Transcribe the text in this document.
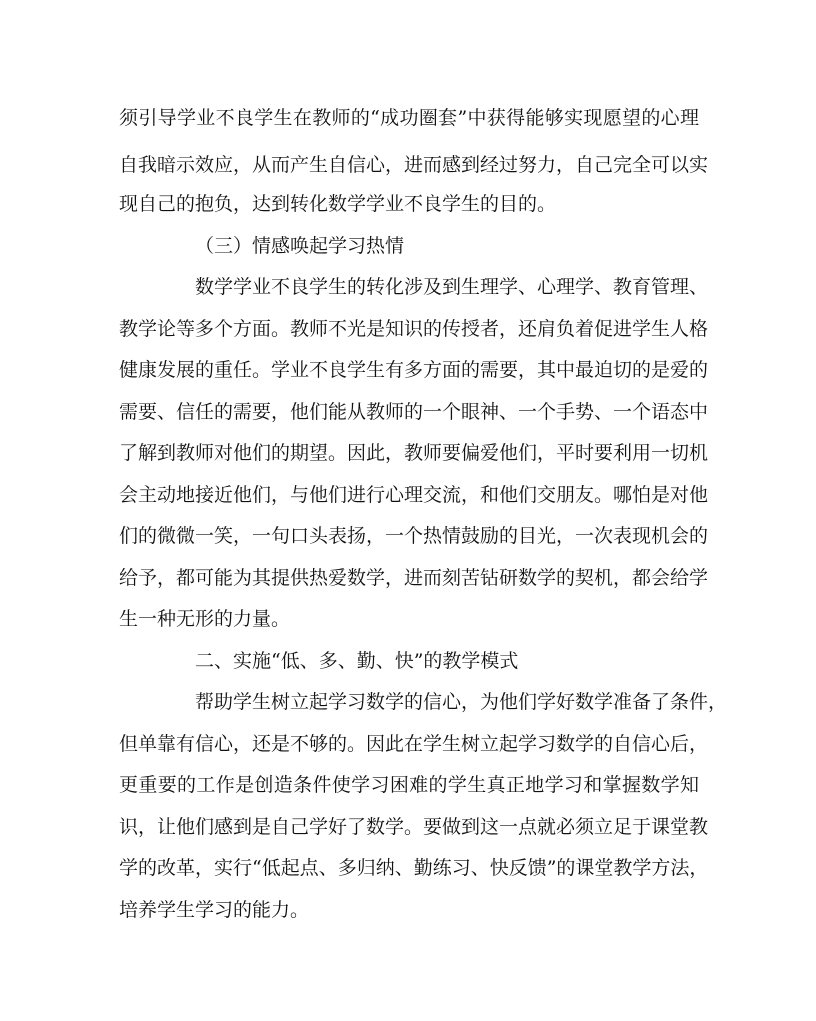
须引导学业不良学生在教师的“成功圈套”中获得能够实现愿望的心理
自我暗示效应，从而产生自信心，进而感到经过努力，自己完全可以实
现自己的抱负，达到转化数学学业不良学生的目的。
（三）情感唤起学习热情
数学学业不良学生的转化涉及到生理学、心理学、教育管理、
教学论等多个方面。教师不光是知识的传授者，还肩负着促进学生人格
健康发展的重任。学业不良学生有多方面的需要，其中最迫切的是爱的
需要、信任的需要，他们能从教师的一个眼神、一个手势、一个语态中
了解到教师对他们的期望。因此，教师要偏爱他们，平时要利用一切机
会主动地接近他们，与他们进行心理交流，和他们交朋友。哪怕是对他
们的微微一笑，一句口头表扬，一个热情鼓励的目光，一次表现机会的
给予，都可能为其提供热爱数学，进而刻苦钻研数学的契机，都会给学
生一种无形的力量。
二、实施“低、多、勤、快”的教学模式
帮助学生树立起学习数学的信心，为他们学好数学准备了条件，
但单靠有信心，还是不够的。因此在学生树立起学习数学的自信心后，
更重要的工作是创造条件使学习困难的学生真正地学习和掌握数学知
识，让他们感到是自己学好了数学。要做到这一点就必须立足于课堂教
学的改革，实行“低起点、多归纳、勤练习、快反馈”的课堂教学方法，
培养学生学习的能力。
